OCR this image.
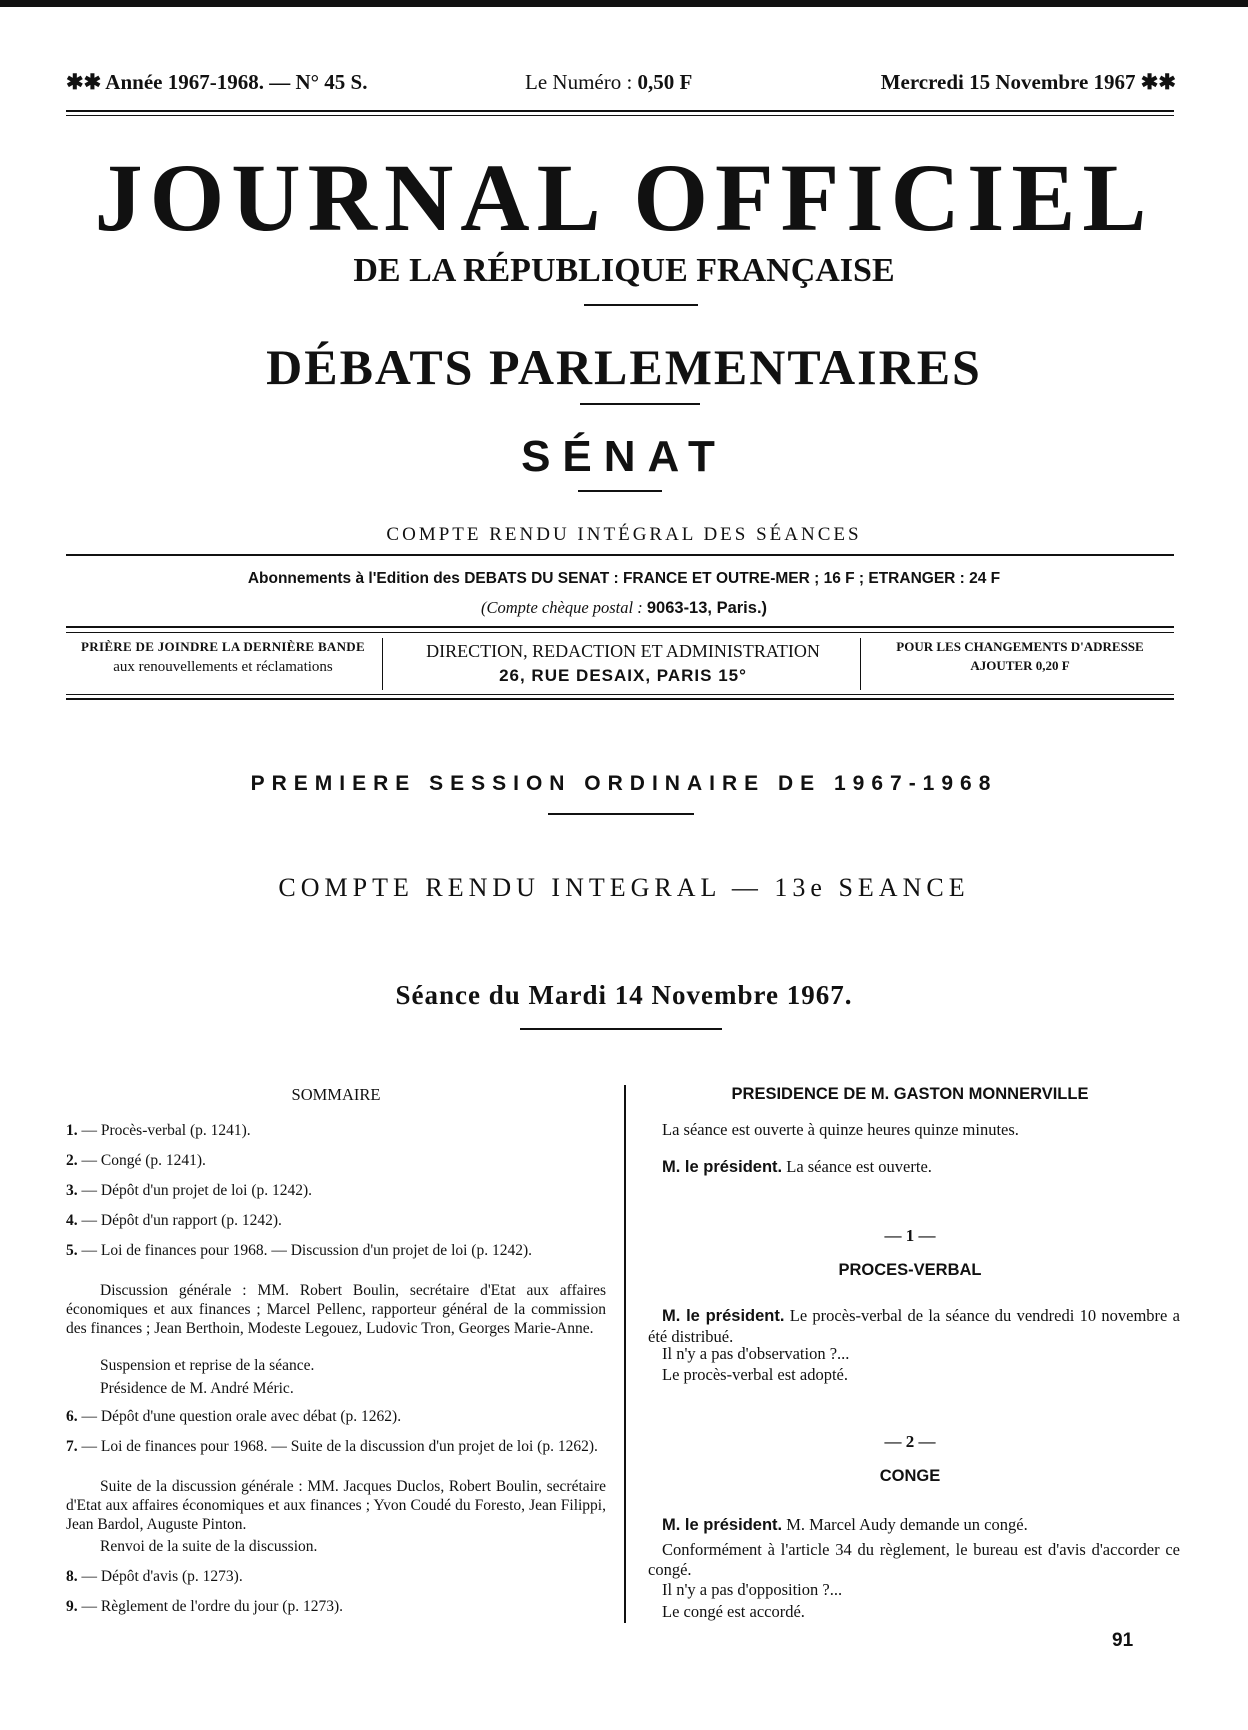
✱✱ Année 1967-1968. — N° 45 S.	Le Numéro : 0,50 F	Mercredi 15 Novembre 1967 ✱✱
JOURNAL OFFICIEL
DE LA RÉPUBLIQUE FRANÇAISE
DÉBATS PARLEMENTAIRES
SÉNAT
COMPTE RENDU INTÉGRAL DES SÉANCES
Abonnements à l'Edition des DEBATS DU SENAT : FRANCE ET OUTRE-MER ; 16 F ; ETRANGER : 24 F
(Compte chèque postal : 9063-13, Paris.)
PRIÈRE DE JOINDRE LA DERNIÈRE BANDE
aux renouvellements et réclamations
DIRECTION, REDACTION ET ADMINISTRATION
26, RUE DESAIX, PARIS 15°
POUR LES CHANGEMENTS D'ADRESSE
AJOUTER 0,20 F
PREMIERE SESSION ORDINAIRE DE 1967-1968
COMPTE RENDU INTEGRAL — 13e SEANCE
Séance du Mardi 14 Novembre 1967.
SOMMAIRE
1. — Procès-verbal (p. 1241).
2. — Congé (p. 1241).
3. — Dépôt d'un projet de loi (p. 1242).
4. — Dépôt d'un rapport (p. 1242).
5. — Loi de finances pour 1968. — Discussion d'un projet de loi (p. 1242).
Discussion générale : MM. Robert Boulin, secrétaire d'Etat aux affaires économiques et aux finances ; Marcel Pellenc, rapporteur général de la commission des finances ; Jean Berthoin, Modeste Legouez, Ludovic Tron, Georges Marie-Anne.
Suspension et reprise de la séance.
Présidence de M. André Méric.
6. — Dépôt d'une question orale avec débat (p. 1262).
7. — Loi de finances pour 1968. — Suite de la discussion d'un projet de loi (p. 1262).
Suite de la discussion générale : MM. Jacques Duclos, Robert Boulin, secrétaire d'Etat aux affaires économiques et aux finances ; Yvon Coudé du Foresto, Jean Filippi, Jean Bardol, Auguste Pinton.
Renvoi de la suite de la discussion.
8. — Dépôt d'avis (p. 1273).
9. — Règlement de l'ordre du jour (p. 1273).
PRESIDENCE DE M. GASTON MONNERVILLE
La séance est ouverte à quinze heures quinze minutes.
M. le président. La séance est ouverte.
— 1 —
PROCES-VERBAL
M. le président. Le procès-verbal de la séance du vendredi 10 novembre a été distribué.
Il n'y a pas d'observation ?...
Le procès-verbal est adopté.
— 2 —
CONGE
M. le président. M. Marcel Audy demande un congé.
Conformément à l'article 34 du règlement, le bureau est d'avis d'accorder ce congé.
Il n'y a pas d'opposition ?...
Le congé est accordé.
91
